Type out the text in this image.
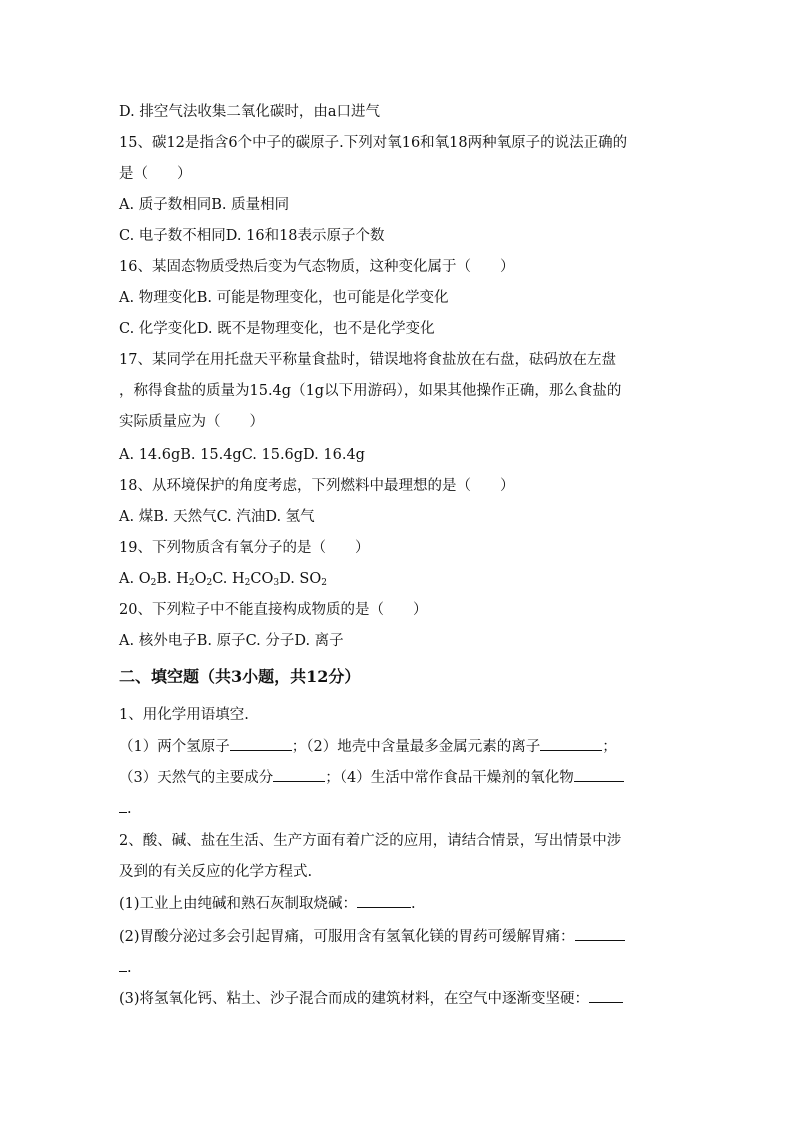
D. 排空气法收集二氧化碳时，由a口进气

15、碳12是指含6个中子的碳原子.下列对氧16和氧18两种氧原子的说法正确的

是（　　）

A. 质子数相同B. 质量相同

C. 电子数不相同D. 16和18表示原子个数

16、某固态物质受热后变为气态物质，这种变化属于（　　）

A. 物理变化B. 可能是物理变化，也可能是化学变化

C. 化学变化D. 既不是物理变化，也不是化学变化

17、某同学在用托盘天平称量食盐时，错误地将食盐放在右盘，砝码放在左盘

，称得食盐的质量为15.4g（1g以下用游码），如果其他操作正确，那么食盐的

实际质量应为（　　）

A. 14.6gB. 15.4gC. 15.6gD. 16.4g

18、从环境保护的角度考虑，下列燃料中最理想的是（　　）

A. 煤B. 天然气C. 汽油D. 氢气

19、下列物质含有氧分子的是（　　）

A. $O_2B$. $H_2O_2C$. $H_2CO_3D$. $SO_2$

20、下列粒子中不能直接构成物质的是（　　）

A. 核外电子B. 原子C. 分子D. 离子

二、填空题（共3小题，共12分）

1、用化学用语填空.

（1）两个氢原子	；（2）地壳中含量最多金属元素的离子	；

（3）天然气的主要成分	；（4）生活中常作食品干燥剂的氧化物

.

2、酸、碱、盐在生活、生产方面有着广泛的应用，请结合情景，写出情景中涉

及到的有关反应的化学方程式.

(1)工业上由纯碱和熟石灰制取烧碱：	.

(2)胃酸分泌过多会引起胃痛，可服用含有氢氧化镁的胃药可缓解胃痛：

.

(3)将氢氧化钙、粘土、沙子混合而成的建筑材料，在空气中逐渐变坚硬：
